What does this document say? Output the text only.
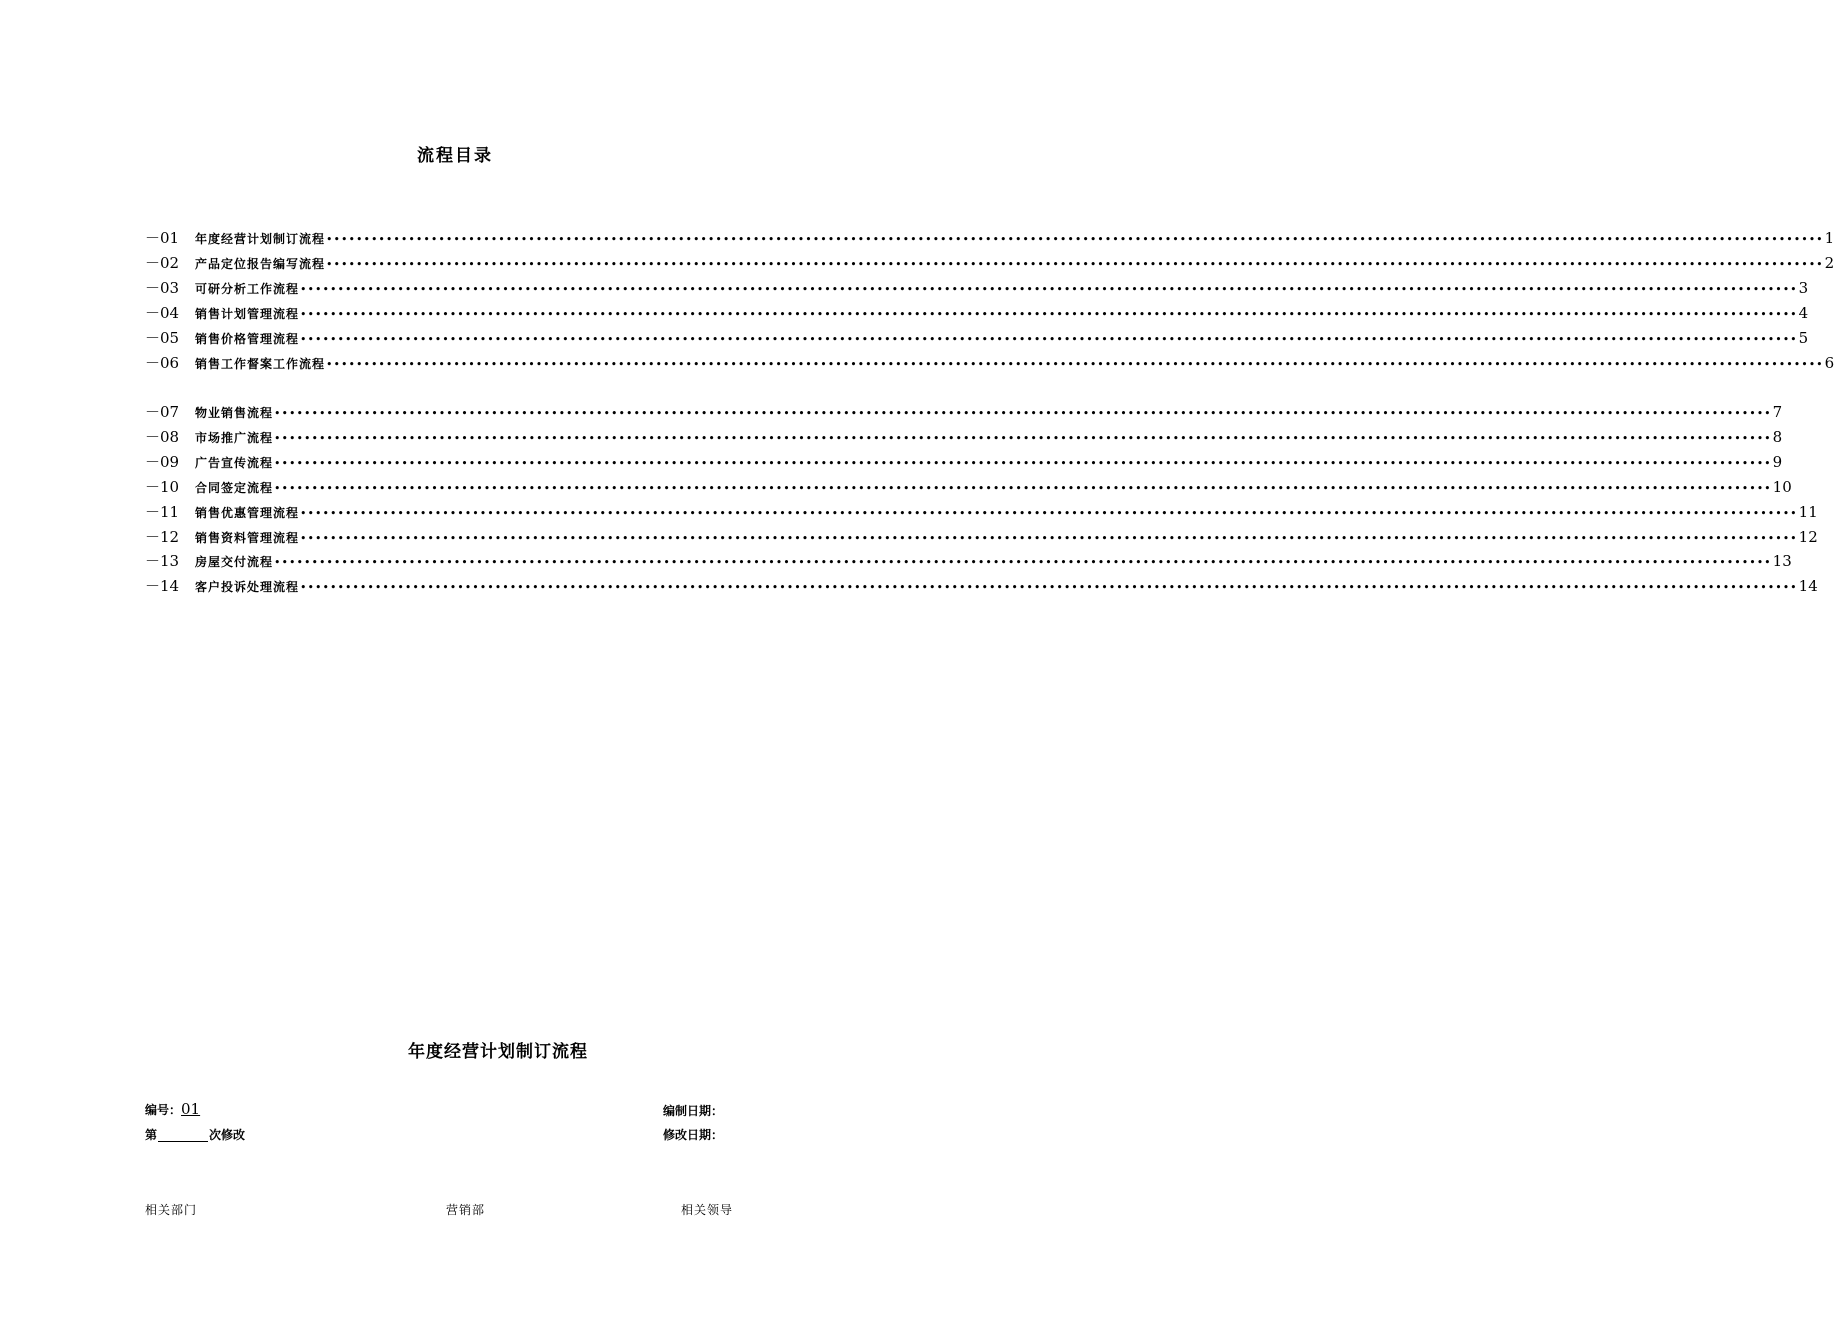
流程目录
－01	年度经营计划制订流程 •••••••••••••••••••••••••••••••••••••••••••••••••••••••••••••••••••••••••••••••••••••••••••••••••••••••••••••••••••••••••••••••••••••••••••••••••••••••••••••••••••••••••••••••••••••••••••••••••••••••• 1
－02	产品定位报告编写流程 •••••••••••••••••••••••••••••••••••••••••••••••••••••••••••••••••••••••••••••••••••••••••••••••••••••••••••••••••••••••••••••••••••••••••••••••••••••••••••••••••••••••••••••••••••••••••••••••••••••••• 2
－03	可研分析工作流程 •••••••••••••••••••••••••••••••••••••••••••••••••••••••••••••••••••••••••••••••••••••••••••••••••••••••••••••••••••••••••••••••••••••••••••••••••••••••••••••••••••••••••••••••••••••••••••••••••••••••• 3
－04	销售计划管理流程 •••••••••••••••••••••••••••••••••••••••••••••••••••••••••••••••••••••••••••••••••••••••••••••••••••••••••••••••••••••••••••••••••••••••••••••••••••••••••••••••••••••••••••••••••••••••••••••••••••••••• 4
－05	销售价格管理流程 •••••••••••••••••••••••••••••••••••••••••••••••••••••••••••••••••••••••••••••••••••••••••••••••••••••••••••••••••••••••••••••••••••••••••••••••••••••••••••••••••••••••••••••••••••••••••••••••••••••••• 5
－06	销售工作督案工作流程 •••••••••••••••••••••••••••••••••••••••••••••••••••••••••••••••••••••••••••••••••••••••••••••••••••••••••••••••••••••••••••••••••••••••••••••••••••••••••••••••••••••••••••••••••••••••••••••••••••••••• 6
－07	物业销售流程 •••••••••••••••••••••••••••••••••••••••••••••••••••••••••••••••••••••••••••••••••••••••••••••••••••••••••••••••••••••••••••••••••••••••••••••••••••••••••••••••••••••••••••••••••••••••••••••••••••••••• 7
－08	市场推广流程 •••••••••••••••••••••••••••••••••••••••••••••••••••••••••••••••••••••••••••••••••••••••••••••••••••••••••••••••••••••••••••••••••••••••••••••••••••••••••••••••••••••••••••••••••••••••••••••••••••••••• 8
－09	广告宣传流程 •••••••••••••••••••••••••••••••••••••••••••••••••••••••••••••••••••••••••••••••••••••••••••••••••••••••••••••••••••••••••••••••••••••••••••••••••••••••••••••••••••••••••••••••••••••••••••••••••••••••• 9
－10	合同签定流程 •••••••••••••••••••••••••••••••••••••••••••••••••••••••••••••••••••••••••••••••••••••••••••••••••••••••••••••••••••••••••••••••••••••••••••••••••••••••••••••••••••••••••••••••••••••••••••••••••••••••• 10
－11	销售优惠管理流程 •••••••••••••••••••••••••••••••••••••••••••••••••••••••••••••••••••••••••••••••••••••••••••••••••••••••••••••••••••••••••••••••••••••••••••••••••••••••••••••••••••••••••••••••••••••••••••••••••••••••• 11
－12	销售资料管理流程 •••••••••••••••••••••••••••••••••••••••••••••••••••••••••••••••••••••••••••••••••••••••••••••••••••••••••••••••••••••••••••••••••••••••••••••••••••••••••••••••••••••••••••••••••••••••••••••••••••••••• 12
－13	房屋交付流程 •••••••••••••••••••••••••••••••••••••••••••••••••••••••••••••••••••••••••••••••••••••••••••••••••••••••••••••••••••••••••••••••••••••••••••••••••••••••••••••••••••••••••••••••••••••••••••••••••••••••• 13
－14	客户投诉处理流程 •••••••••••••••••••••••••••••••••••••••••••••••••••••••••••••••••••••••••••••••••••••••••••••••••••••••••••••••••••••••••••••••••••••••••••••••••••••••••••••••••••••••••••••••••••••••••••••••••••••••• 14
年度经营计划制订流程
编号：01
第	次修改
编制日期：
修改日期：
相关部门	营销部	相关领导
